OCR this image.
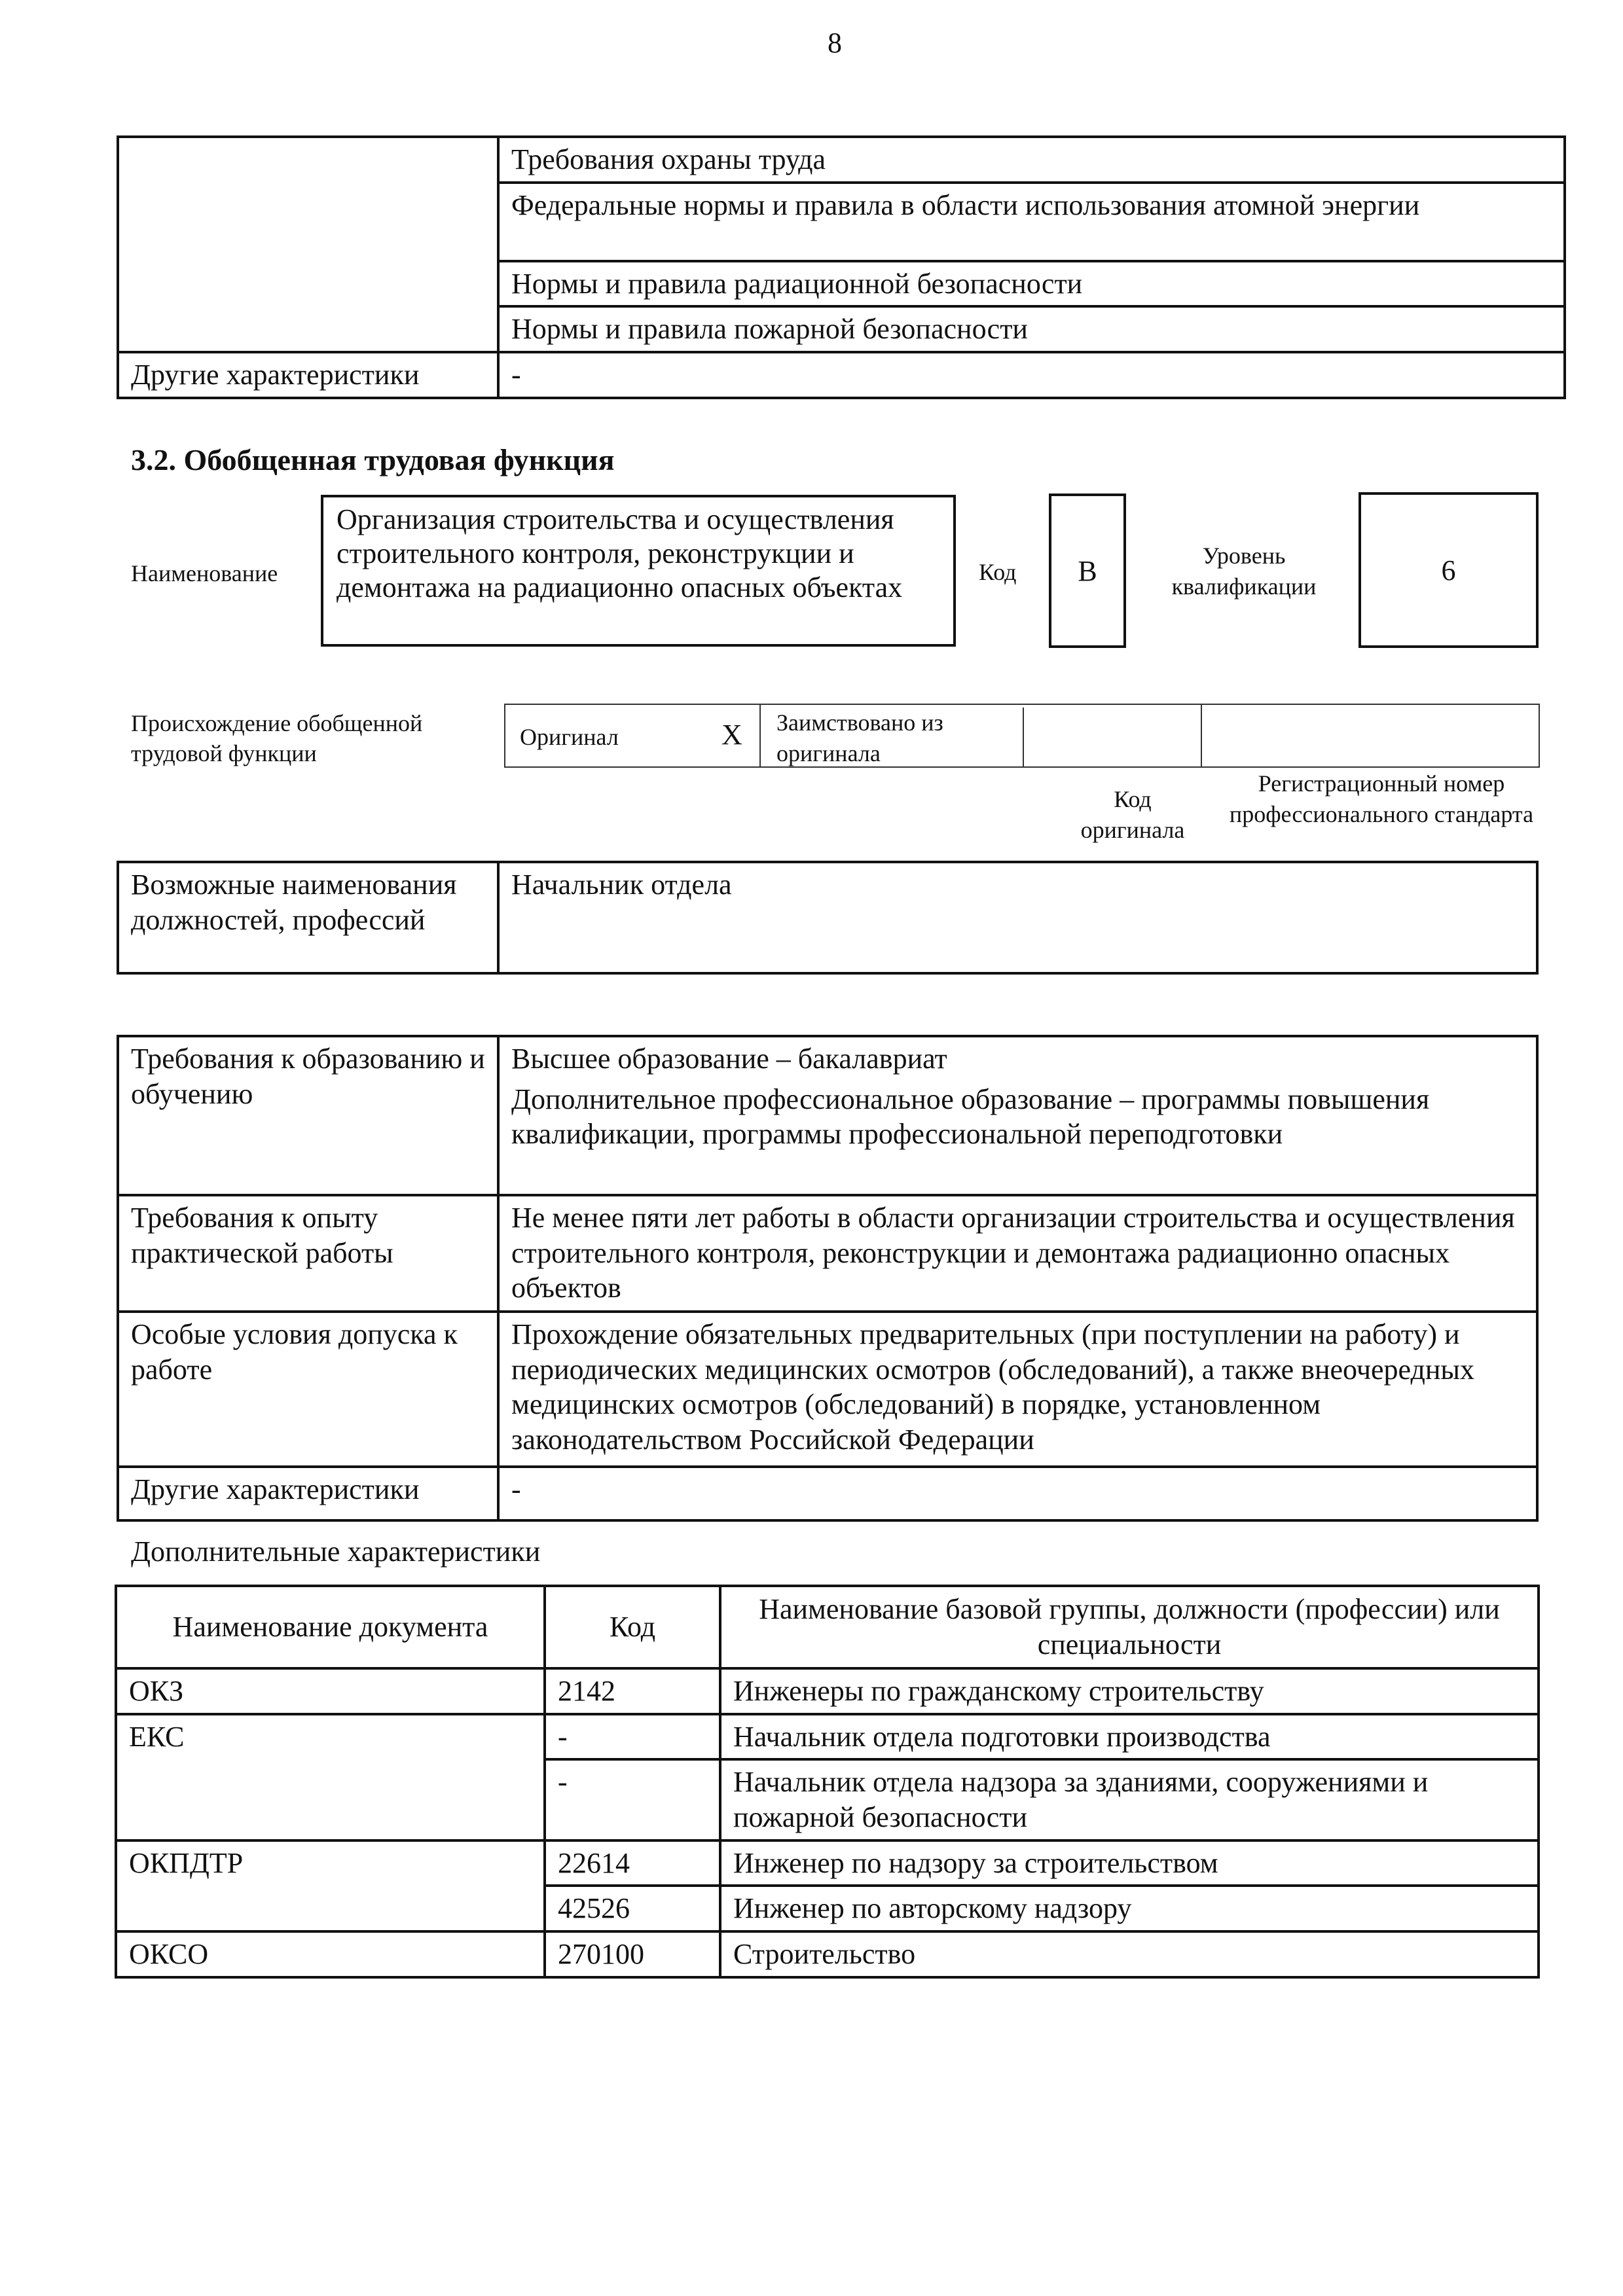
8
	Требования охраны труда

	Федеральные нормы и правила в области использования атомной энергии

	Нормы и правила радиационной безопасности
	Нормы и правила пожарной безопасности
Другие характеристики	-
3.2. Обобщенная трудовая функция
Наименование
Организация строительства и осуществления строительного контроля, реконструкции и демонтажа на радиационно опасных объектах	Код B	Уровень квалификации
6
Происхождение обобщенной трудовой функции
Оригинал	X	Заимствовано из оригинала
Код оригинала
Регистрационный номер профессионального стандарта
Возможные наименования должностей, профессий	Начальник отдела
Требования к образованию и обучению	Высшее образование – бакалавриат

Дополнительное профессиональное образование – программы повышения квалификации, программы профессиональной переподготовки

Требования к опыту практической работы	Не менее пяти лет работы в области организации строительства и осуществления строительного контроля, реконструкции и демонтажа радиационно опасных объектов
Особые условия допуска к работе	Прохождение обязательных предварительных (при поступлении на работу) и периодических медицинских осмотров (обследований), а также внеочередных медицинских осмотров (обследований) в порядке, установленном законодательством Российской Федерации
Другие характеристики	-
Дополнительные характеристики
Наименование документа	Код	Наименование базовой группы, должности (профессии) или специальности
ОКЗ	2142	Инженеры по гражданскому строительству
ЕКС	-	Начальник отдела подготовки производства
	-	Начальник отдела надзора за зданиями, сооружениями и пожарной безопасности
ОКПДТР	22614	Инженер по надзору за строительством
	42526	Инженер по авторскому надзору
ОКСО	270100	Строительство
